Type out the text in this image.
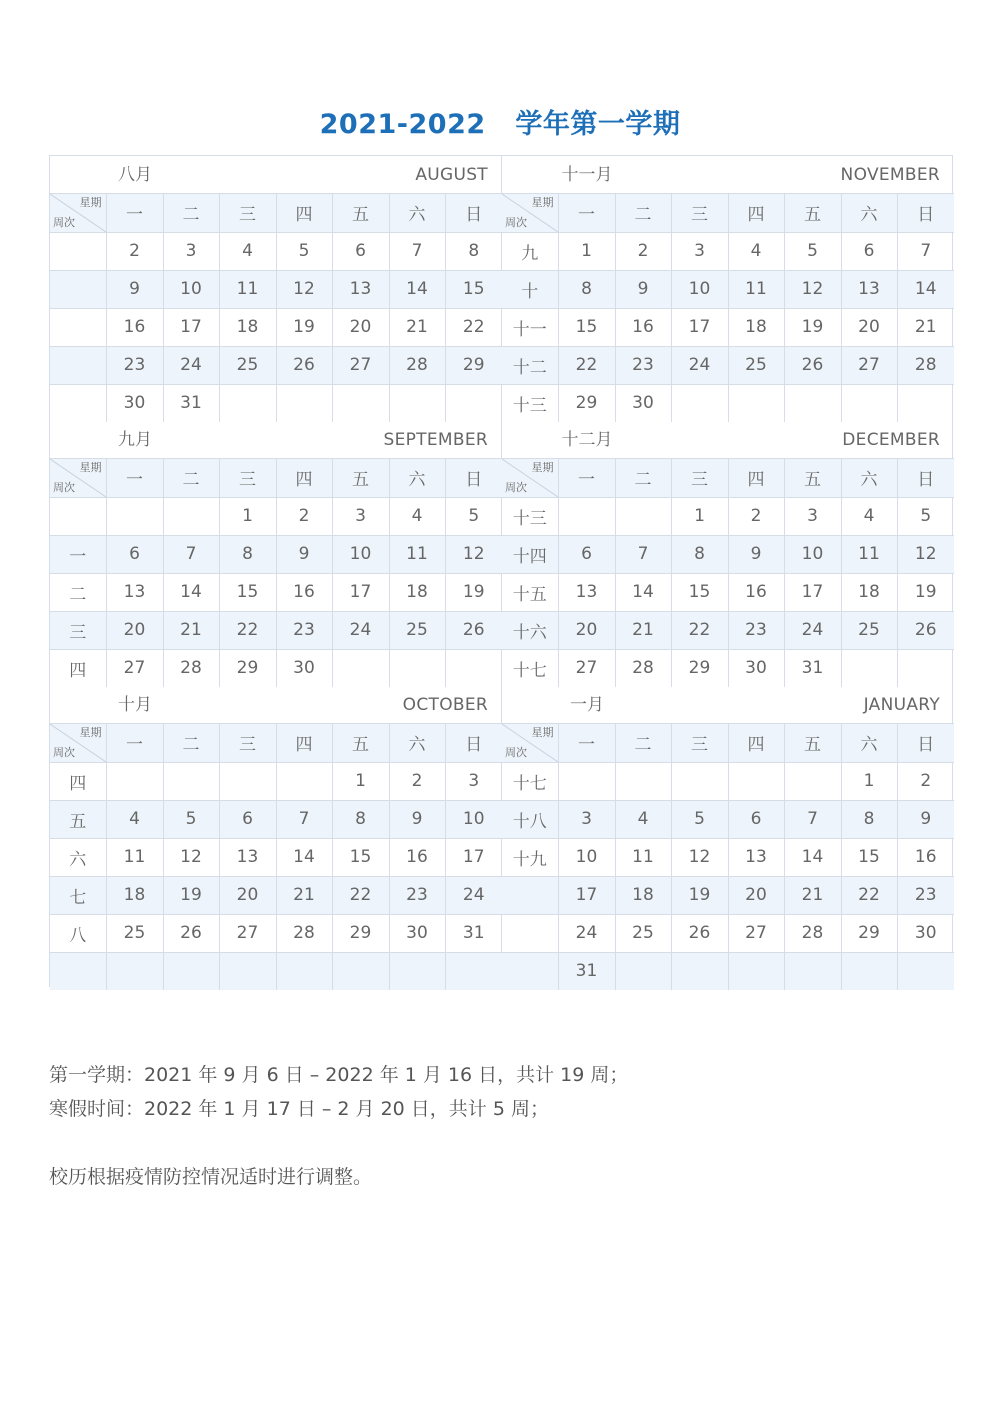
2021-2022   学年第一学期
八月	AUGUST
星期
周次	一	二	三	四	五	六	日
	2	3	4	5	6	7	8
	9	10	11	12	13	14	15
	16	17	18	19	20	21	22
	23	24	25	26	27	28	29
	30	31					
十一月	NOVEMBER
星期
周次	一	二	三	四	五	六	日
九	1	2	3	4	5	6	7
十	8	9	10	11	12	13	14
十一	15	16	17	18	19	20	21
十二	22	23	24	25	26	27	28
十三	29	30					
九月	SEPTEMBER
星期
周次	一	二	三	四	五	六	日
			1	2	3	4	5
一	6	7	8	9	10	11	12
二	13	14	15	16	17	18	19
三	20	21	22	23	24	25	26
四	27	28	29	30			
十二月	DECEMBER
星期
周次	一	二	三	四	五	六	日
十三			1	2	3	4	5
十四	6	7	8	9	10	11	12
十五	13	14	15	16	17	18	19
十六	20	21	22	23	24	25	26
十七	27	28	29	30	31		
十月	OCTOBER
星期
周次	一	二	三	四	五	六	日
四					1	2	3
五	4	5	6	7	8	9	10
六	11	12	13	14	15	16	17
七	18	19	20	21	22	23	24
八	25	26	27	28	29	30	31

一月	JANUARY
星期
周次	一	二	三	四	五	六	日
十七						1	2
十八	3	4	5	6	7	8	9
十九	10	11	12	13	14	15	16
	17	18	19	20	21	22	23
	24	25	26	27	28	29	30
	31						

第一学期：2021 年 9 月 6 日 – 2022 年 1 月 16 日，共计 19 周；

寒假时间：2022 年 1 月 17 日 – 2 月 20 日，共计 5 周；

校历根据疫情防控情况适时进行调整。
